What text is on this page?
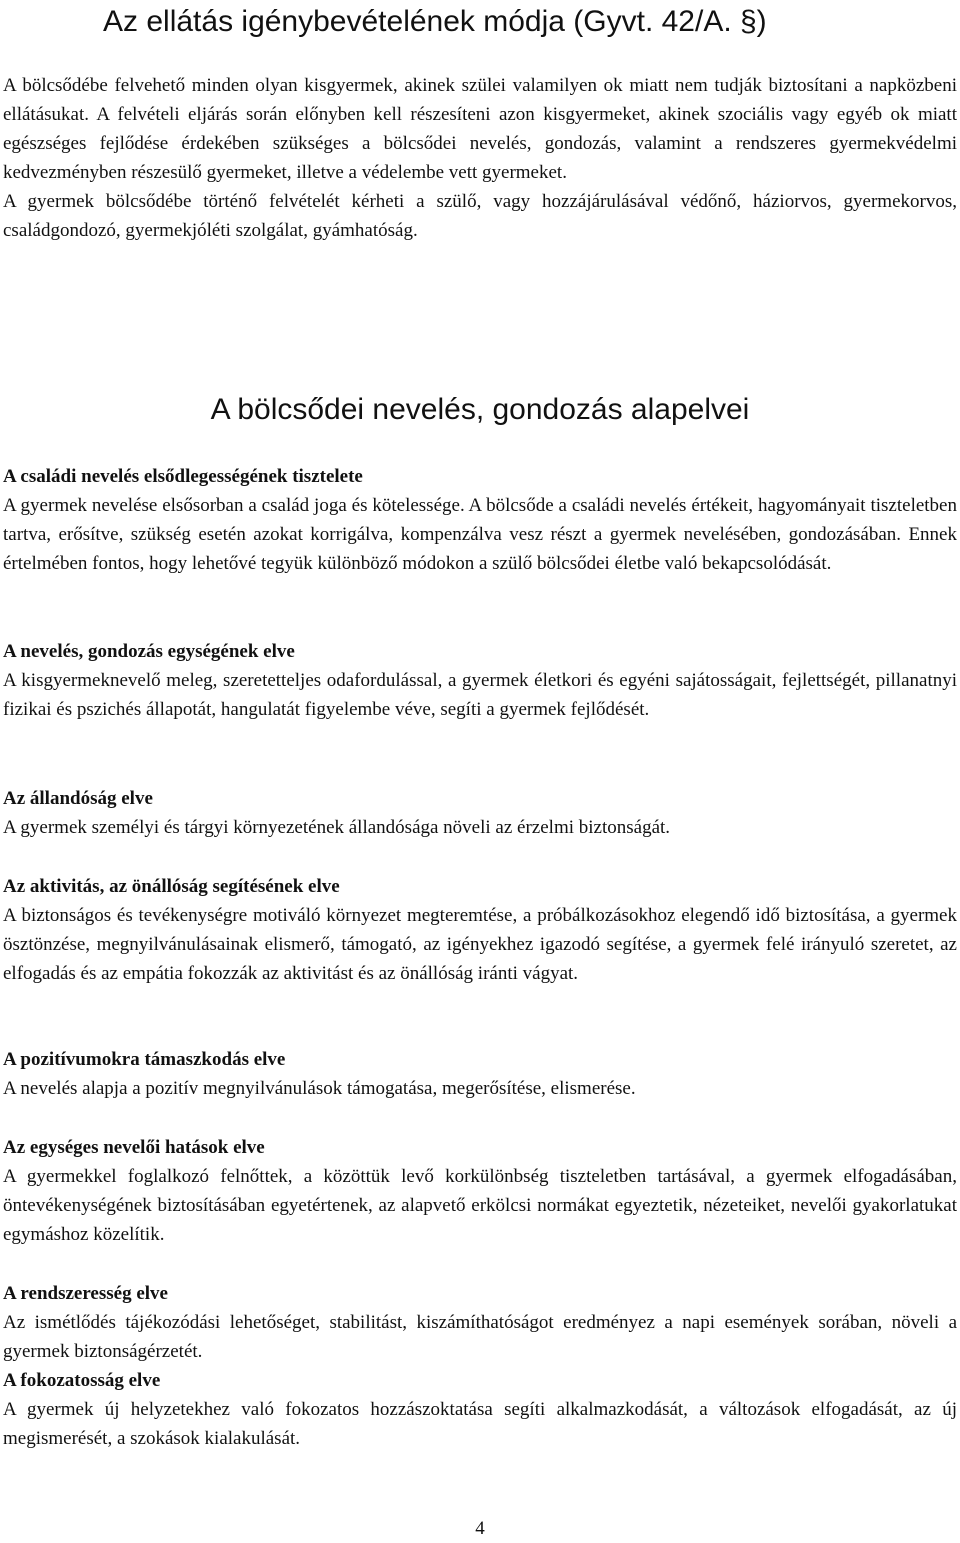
Az ellátás igénybevételének módja (Gyvt. 42/A. §)

A bölcsődébe felvehető minden olyan kisgyermek, akinek szülei valamilyen ok miatt nem tudják biztosítani a napközbeni ellátásukat. A felvételi eljárás során előnyben kell részesíteni azon kisgyermeket, akinek szociális vagy egyéb ok miatt egészséges fejlődése érdekében szükséges a bölcsődei nevelés, gondozás, valamint a rendszeres gyermekvédelmi kedvezményben részesülő gyermeket, illetve a védelembe vett gyermeket.

A gyermek bölcsődébe történő felvételét kérheti a szülő, vagy hozzájárulásával védőnő, háziorvos, gyermekorvos, családgondozó, gyermekjóléti szolgálat, gyámhatóság.

A bölcsődei nevelés, gondozás alapelvei
A családi nevelés elsődlegességének tisztelete

A gyermek nevelése elsősorban a család joga és kötelessége. A bölcsőde a családi nevelés értékeit, hagyományait tiszteletben tartva, erősítve, szükség esetén azokat korrigálva, kompenzálva vesz részt a gyermek nevelésében, gondozásában. Ennek értelmében fontos, hogy lehetővé tegyük különböző módokon a szülő bölcsődei életbe való bekapcsolódását.

A nevelés, gondozás egységének elve

A kisgyermeknevelő meleg, szeretetteljes odafordulással, a gyermek életkori és egyéni sajátosságait, fejlettségét, pillanatnyi fizikai és pszichés állapotát, hangulatát figyelembe véve, segíti a gyermek fejlődését.

Az állandóság elve

A gyermek személyi és tárgyi környezetének állandósága növeli az érzelmi biztonságát.

Az aktivitás, az önállóság segítésének elve

A biztonságos és tevékenységre motiváló környezet megteremtése, a próbálkozásokhoz elegendő idő biztosítása, a gyermek ösztönzése, megnyilvánulásainak elismerő, támogató, az igényekhez igazodó segítése, a gyermek felé irányuló szeretet, az elfogadás és az empátia fokozzák az aktivitást és az önállóság iránti vágyat.

A pozitívumokra támaszkodás elve

A nevelés alapja a pozitív megnyilvánulások támogatása, megerősítése, elismerése.

Az egységes nevelői hatások elve

A gyermekkel foglalkozó felnőttek, a közöttük levő korkülönbség tiszteletben tartásával, a gyermek elfogadásában, öntevékenységének biztosításában egyetértenek, az alapvető erkölcsi normákat egyeztetik, nézeteiket, nevelői gyakorlatukat egymáshoz közelítik.

A rendszeresség elve

Az ismétlődés tájékozódási lehetőséget, stabilitást, kiszámíthatóságot eredményez a napi események sorában, növeli a gyermek biztonságérzetét.

A fokozatosság elve

A gyermek új helyzetekhez való fokozatos hozzászoktatása segíti alkalmazkodását, a változások elfogadását, az új megismerését, a szokások kialakulását.

4
